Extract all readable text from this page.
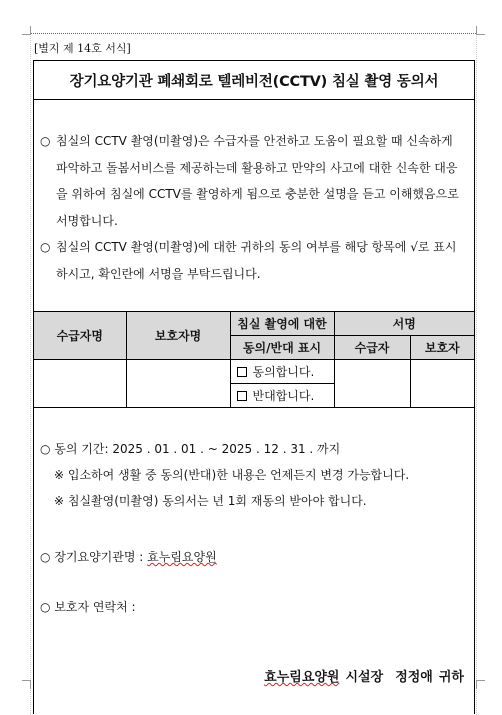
[별지 제 14호 서식]
장기요양기관 폐쇄회로 텔레비전(CCTV) 침실 촬영 동의서

○ 침실의 CCTV 촬영(미촬영)은 수급자를 안전하고 도움이 필요할 때 신속하게 파악하고 돌봄서비스를 제공하는데 활용하고 만약의 사고에 대한 신속한 대응을 위하여 침실에 CCTV를 촬영하게 됨으로 충분한 설명을 듣고 이해했음으로 서명합니다.

○ 침실의 CCTV 촬영(미촬영)에 대한 귀하의 동의 여부를 해당 항목에 √로 표시하시고, 확인란에 서명을 부탁드립니다.

수급자명	보호자명	침실 촬영에 대한	서명	
		동의/반대 표시	수급자	보호자

		동의합니다.		

		반대합니다.		
○ 동의 기간: 2025 . 01 . 01 . ~ 2025 . 12 . 31 . 까지
※ 입소하여 생활 중 동의(반대)한 내용은 언제든지 변경 가능합니다.
※ 침실촬영(미촬영) 동의서는 년 1회 재동의 받아야 합니다.
○ 장기요양기관명 : 효누림요양원
○ 보호자 연락처 :
효누림요양원 시설장 정정애 귀하
